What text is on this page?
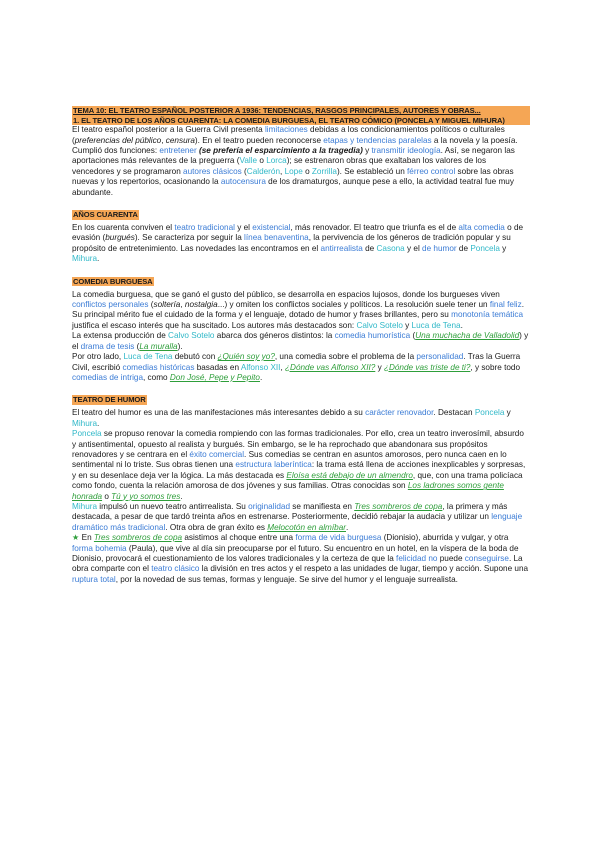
TEMA 10: EL TEATRO ESPAÑOL POSTERIOR A 1936: TENDENCIAS, RASGOS PRINCIPALES, AUTORES Y OBRAS...
1. EL TEATRO DE LOS AÑOS CUARENTA: LA COMEDIA BURGUESA, EL TEATRO CÓMICO (PONCELA Y MIGUEL MIHURA)

El teatro español posterior a la Guerra Civil presenta limitaciones debidas a los condicionamientos políticos o culturales (preferencias del público, censura). En el teatro pueden reconocerse etapas y tendencias paralelas a la novela y la poesía.

Cumplió dos funciones: entretener (se prefería el esparcimiento a la tragedia) y transmitir ideología. Así, se negaron las aportaciones más relevantes de la preguerra (Valle o Lorca); se estrenaron obras que exaltaban los valores de los vencedores y se programaron autores clásicos (Calderón, Lope o Zorrilla). Se estableció un férreo control sobre las obras nuevas y los repertorios, ocasionando la autocensura de los dramaturgos, aunque pese a ello, la actividad teatral fue muy abundante.

AÑOS CUARENTA

En los cuarenta conviven el teatro tradicional y el existencial, más renovador. El teatro que triunfa es el de alta comedia o de evasión (burgués). Se caracteriza por seguir la línea benaventina, la pervivencia de los géneros de tradición popular y su propósito de entretenimiento. Las novedades las encontramos en el antirrealista de Casona y el de humor de Poncela y Mihura.

COMEDIA BURGUESA

La comedia burguesa, que se ganó el gusto del público, se desarrolla en espacios lujosos, donde los burgueses viven conflictos personales (soltería, nostalgia...) y omiten los conflictos sociales y políticos. La resolución suele tener un final feliz.

Su principal mérito fue el cuidado de la forma y el lenguaje, dotado de humor y frases brillantes, pero su monotonía temática justifica el escaso interés que ha suscitado. Los autores más destacados son: Calvo Sotelo y Luca de Tena.

La extensa producción de Calvo Sotelo abarca dos géneros distintos: la comedia humorística (Una muchacha de Valladolid) y el drama de tesis (La muralla).

Por otro lado, Luca de Tena debutó con ¿Quién soy yo?, una comedia sobre el problema de la personalidad. Tras la Guerra Civil, escribió comedias históricas basadas en Alfonso XII, ¿Dónde vas Alfonso XII? y ¿Dónde vas triste de ti?, y sobre todo comedias de intriga, como Don José, Pepe y Pepito.

TEATRO DE HUMOR

El teatro del humor es una de las manifestaciones más interesantes debido a su carácter renovador. Destacan Poncela y Mihura.

Poncela se propuso renovar la comedia rompiendo con las formas tradicionales. Por ello, crea un teatro inverosímil, absurdo y antisentimental, opuesto al realista y burgués. Sin embargo, se le ha reprochado que abandonara sus propósitos renovadores y se centrara en el éxito comercial. Sus comedias se centran en asuntos amorosos, pero nunca caen en lo sentimental ni lo triste. Sus obras tienen una estructura laberíntica: la trama está llena de acciones inexplicables y sorpresas, y en su desenlace deja ver la lógica. La más destacada es Eloísa está debajo de un almendro, que, con una trama policíaca como fondo, cuenta la relación amorosa de dos jóvenes y sus familias. Otras conocidas son Los ladrones somos gente honrada o Tú y yo somos tres.

Mihura impulsó un nuevo teatro antirrealista. Su originalidad se manifiesta en Tres sombreros de copa, la primera y más destacada, a pesar de que tardó treinta años en estrenarse. Posteriormente, decidió rebajar la audacia y utilizar un lenguaje dramático más tradicional. Otra obra de gran éxito es Melocotón en almíbar.

★ En Tres sombreros de copa asistimos al choque entre una forma de vida burguesa (Dionisio), aburrida y vulgar, y otra forma bohemia (Paula), que vive al día sin preocuparse por el futuro. Su encuentro en un hotel, en la víspera de la boda de Dionisio, provocará el cuestionamiento de los valores tradicionales y la certeza de que la felicidad no puede conseguirse. La obra comparte con el teatro clásico la división en tres actos y el respeto a las unidades de lugar, tiempo y acción. Supone una ruptura total, por la novedad de sus temas, formas y lenguaje. Se sirve del humor y el lenguaje surrealista.
